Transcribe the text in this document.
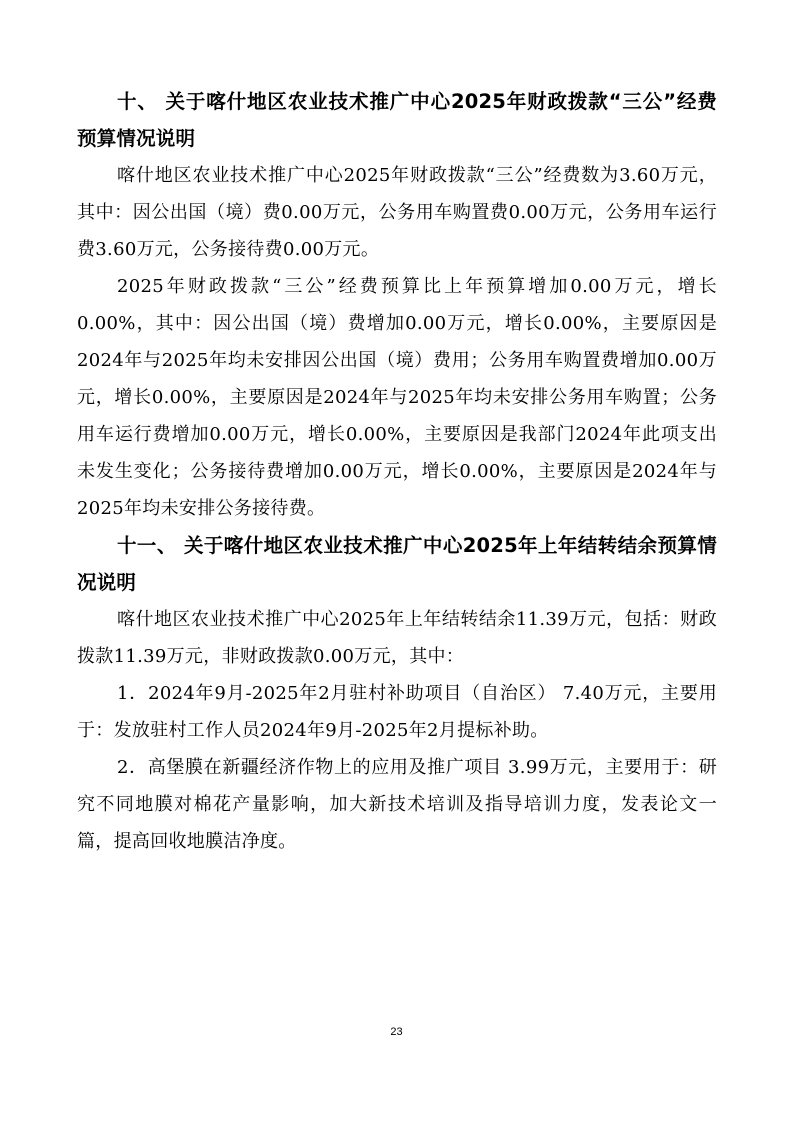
十、 关于喀什地区农业技术推广中心2025年财政拨款“三公”经费预算情况说明

喀什地区农业技术推广中心2025年财政拨款“三公”经费数为3.60万元，其中：因公出国（境）费0.00万元，公务用车购置费0.00万元，公务用车运行费3.60万元，公务接待费0.00万元。

2025年财政拨款“三公”经费预算比上年预算增加0.00万元，增长0.00%，其中：因公出国（境）费增加0.00万元，增长0.00%，主要原因是2024年与2025年均未安排因公出国（境）费用；公务用车购置费增加0.00万元，增长0.00%，主要原因是2024年与2025年均未安排公务用车购置；公务用车运行费增加0.00万元，增长0.00%，主要原因是我部门2024年此项支出未发生变化；公务接待费增加0.00万元，增长0.00%，主要原因是2024年与2025年均未安排公务接待费。

十一、 关于喀什地区农业技术推广中心2025年上年结转结余预算情况说明

喀什地区农业技术推广中心2025年上年结转结余11.39万元，包括：财政拨款11.39万元，非财政拨款0.00万元，其中：

1．2024年9月-2025年2月驻村补助项目（自治区） 7.40万元，主要用于：发放驻村工作人员2024年9月-2025年2月提标补助。

2．高堡膜在新疆经济作物上的应用及推广项目 3.99万元，主要用于：研究不同地膜对棉花产量影响，加大新技术培训及指导培训力度，发表论文一篇，提高回收地膜洁净度。

23
